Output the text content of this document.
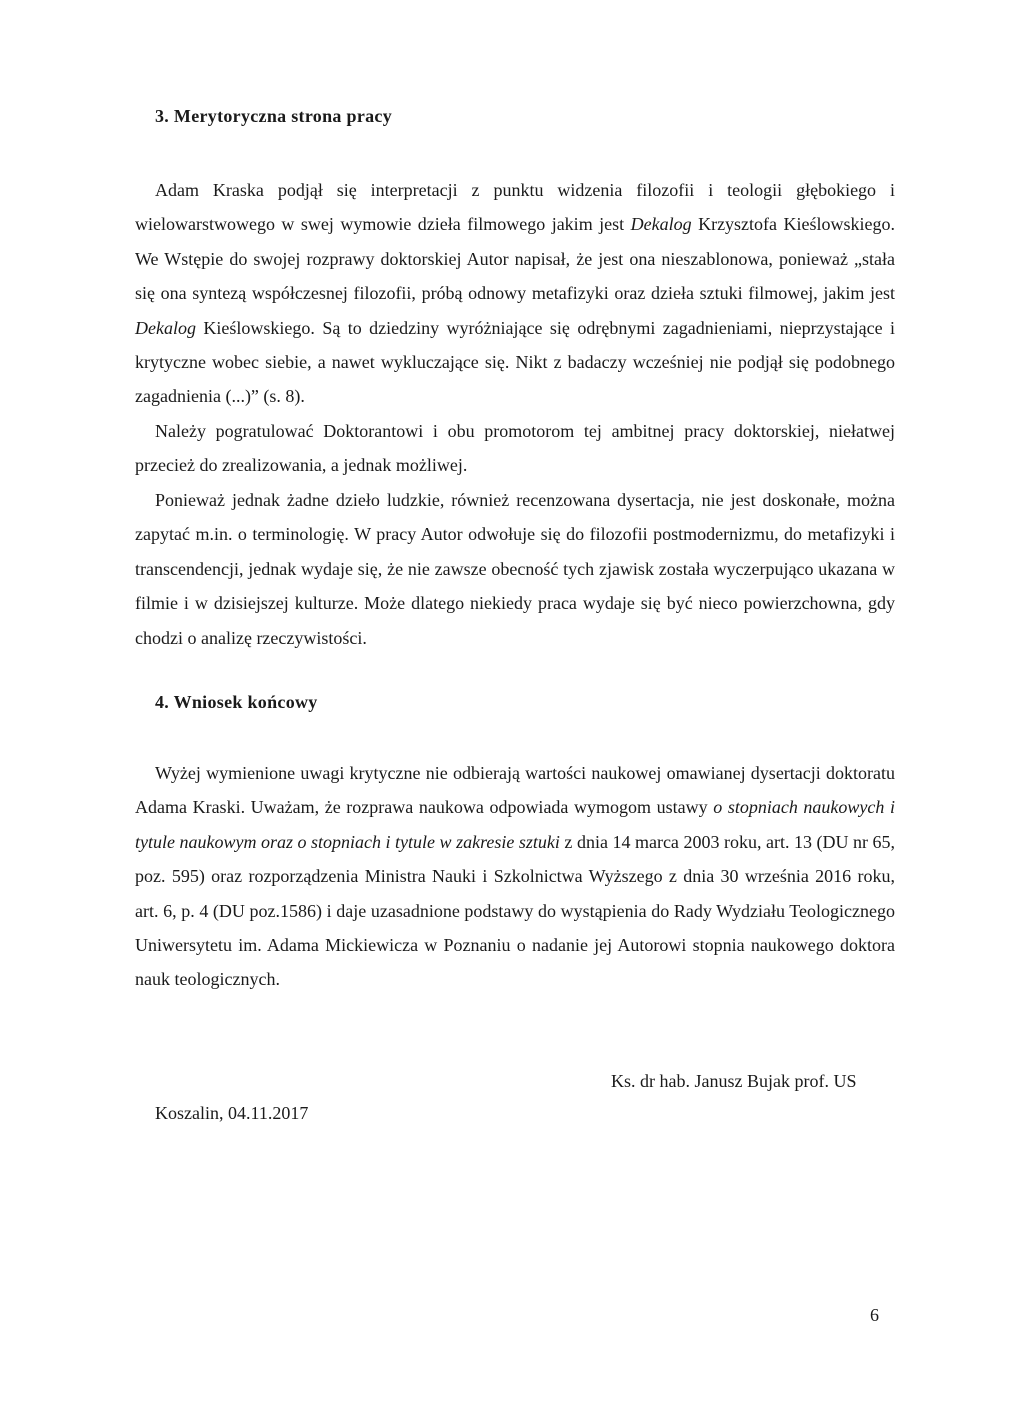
3. Merytoryczna strona pracy

Adam Kraska podjął się interpretacji z punktu widzenia filozofii i teologii głębokiego i wielowarstwowego w swej wymowie dzieła filmowego jakim jest Dekalog Krzysztofa Kieślowskiego. We Wstępie do swojej rozprawy doktorskiej Autor napisał, że jest ona nieszablonowa, ponieważ „stała się ona syntezą współczesnej filozofii, próbą odnowy metafizyki oraz dzieła sztuki filmowej, jakim jest Dekalog Kieślowskiego. Są to dziedziny wyróżniające się odrębnymi zagadnieniami, nieprzystające i krytyczne wobec siebie, a nawet wykluczające się. Nikt z badaczy wcześniej nie podjął się podobnego zagadnienia (...)” (s. 8).

Należy pogratulować Doktorantowi i obu promotorom tej ambitnej pracy doktorskiej, niełatwej przecież do zrealizowania, a jednak możliwej.

Ponieważ jednak żadne dzieło ludzkie, również recenzowana dysertacja, nie jest doskonałe, można zapytać m.in. o terminologię. W pracy Autor odwołuje się do filozofii postmodernizmu, do metafizyki i transcendencji, jednak wydaje się, że nie zawsze obecność tych zjawisk została wyczerpująco ukazana w filmie i w dzisiejszej kulturze. Może dlatego niekiedy praca wydaje się być nieco powierzchowna, gdy chodzi o analizę rzeczywistości.

4. Wniosek końcowy

Wyżej wymienione uwagi krytyczne nie odbierają wartości naukowej omawianej dysertacji doktoratu Adama Kraski. Uważam, że rozprawa naukowa odpowiada wymogom ustawy o stopniach naukowych i tytule naukowym oraz o stopniach i tytule w zakresie sztuki z dnia 14 marca 2003 roku, art. 13 (DU nr 65, poz. 595) oraz rozporządzenia Ministra Nauki i Szkolnictwa Wyższego z dnia 30 września 2016 roku, art. 6, p. 4 (DU poz.1586) i daje uzasadnione podstawy do wystąpienia do Rady Wydziału Teologicznego Uniwersytetu im. Adama Mickiewicza w Poznaniu o nadanie jej Autorowi stopnia naukowego doktora nauk teologicznych.

Ks. dr hab. Janusz Bujak prof. US
Koszalin, 04.11.2017
6
